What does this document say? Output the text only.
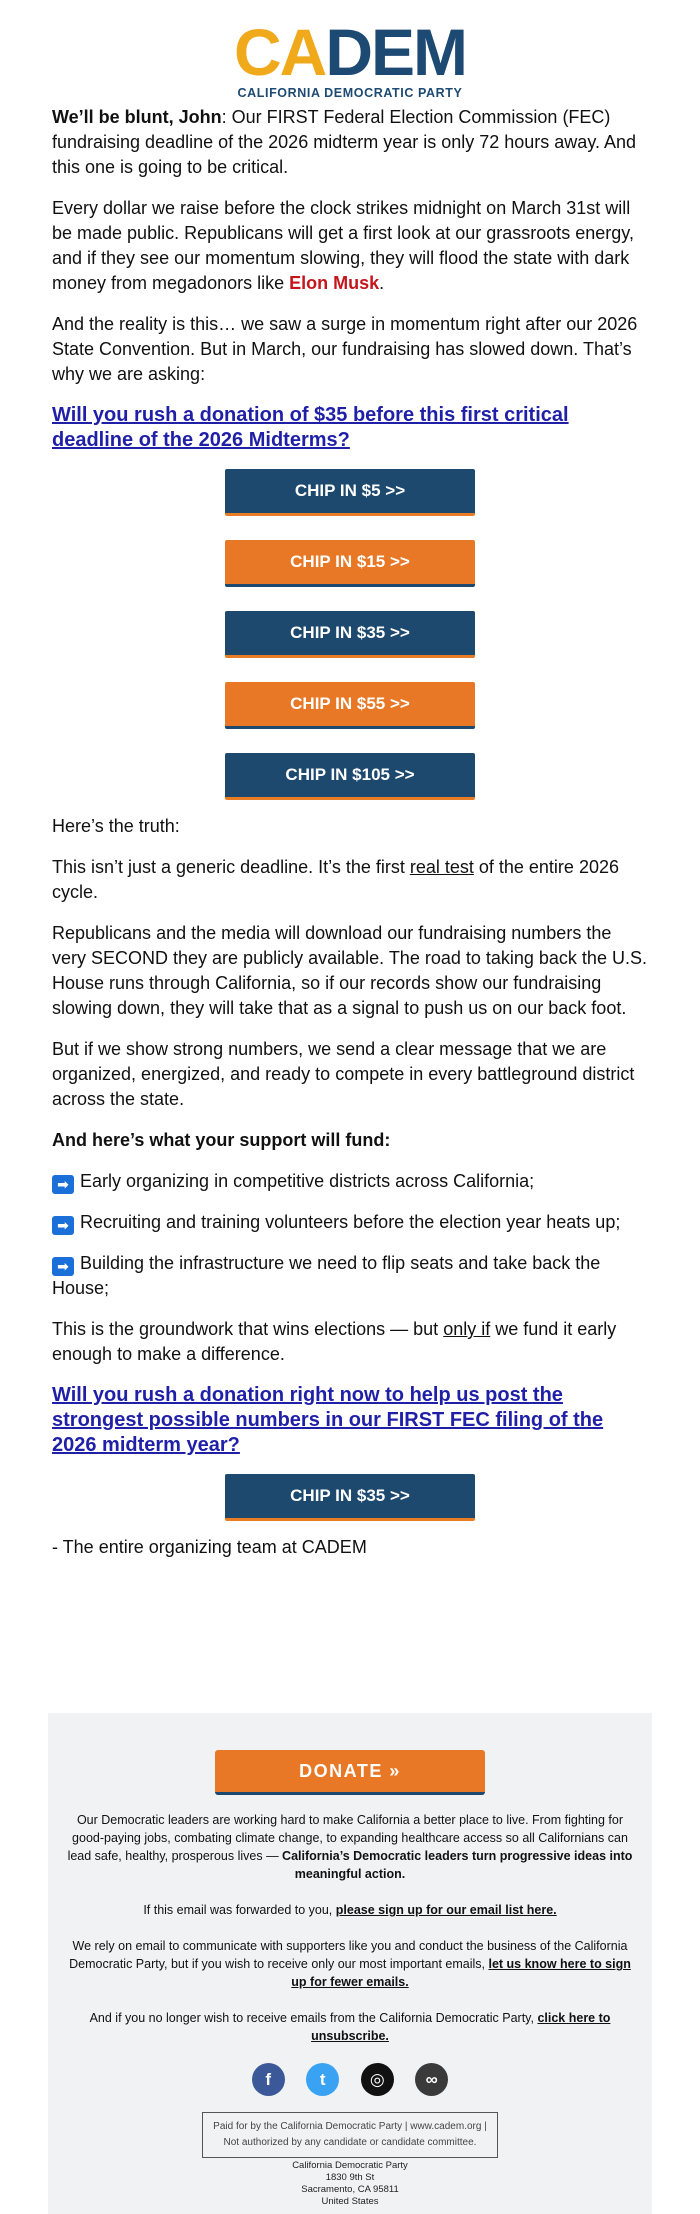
CADEM
CALIFORNIA DEMOCRATIC PARTY

We’ll be blunt, John: Our FIRST Federal Election Commission (FEC) fundraising deadline of the 2026 midterm year is only 72 hours away. And this one is going to be critical.

Every dollar we raise before the clock strikes midnight on March 31st will be made public. Republicans will get a first look at our grassroots energy, and if they see our momentum slowing, they will flood the state with dark money from megadonors like Elon Musk.

And the reality is this… we saw a surge in momentum right after our 2026 State Convention. But in March, our fundraising has slowed down. That’s why we are asking:

Will you rush a donation of $35 before this first critical deadline of the 2026 Midterms?
CHIP IN $5 >>
CHIP IN $15 >>
CHIP IN $35 >>
CHIP IN $55 >>
CHIP IN $105 >>

Here’s the truth:

This isn’t just a generic deadline. It’s the first real test of the entire 2026 cycle.

Republicans and the media will download our fundraising numbers the very SECOND they are publicly available. The road to taking back the U.S. House runs through California, so if our records show our fundraising slowing down, they will take that as a signal to push us on our back foot.

But if we show strong numbers, we send a clear message that we are organized, energized, and ready to compete in every battleground district across the state.

And here’s what your support will fund:

➡ Early organizing in competitive districts across California;

➡ Recruiting and training volunteers before the election year heats up;

➡ Building the infrastructure we need to flip seats and take back the House;

This is the groundwork that wins elections — but only if we fund it early enough to make a difference.

Will you rush a donation right now to help us post the strongest possible numbers in our FIRST FEC filing of the 2026 midterm year?
CHIP IN $35 >>

- The entire organizing team at CADEM

DONATE »

Our Democratic leaders are working hard to make California a better place to live. From fighting for good-paying jobs, combating climate change, to expanding healthcare access so all Californians can lead safe, healthy, prosperous lives — California’s Democratic leaders turn progressive ideas into meaningful action.

If this email was forwarded to you, please sign up for our email list here.

We rely on email to communicate with supporters like you and conduct the business of the California Democratic Party, but if you wish to receive only our most important emails, let us know here to sign up for fewer emails.

And if you no longer wish to receive emails from the California Democratic Party, click here to unsubscribe.

f	t	◎ ∞
Paid for by the California Democratic Party | www.cadem.org |
Not authorized by any candidate or candidate committee.
California Democratic Party
1830 9th St
Sacramento, CA 95811
United States
